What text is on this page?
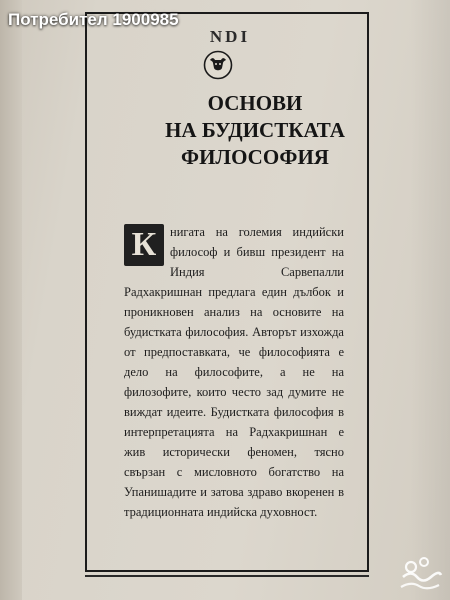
NDI
ОСНОВИ
НА БУДИСТКАТА
ФИЛОСОФИЯ
К	нигата на големия индийски философ и бивш президент на Индия Сарвепалли Радхакришнан предлага един дълбок и проникновен анализ на основите на будистката философия. Авторът изхожда от предпоставката, че философията е дело на философите, а не на филозофите, които често зад думите не виждат идеите. Будистката философия в интерпретацията на Радхакришнан е жив исторически феномен, тясно свързан с мисловното богатство на Упанишадите и затова здраво вкоренен в традиционната индийска духовност.
Потребител 1900985
